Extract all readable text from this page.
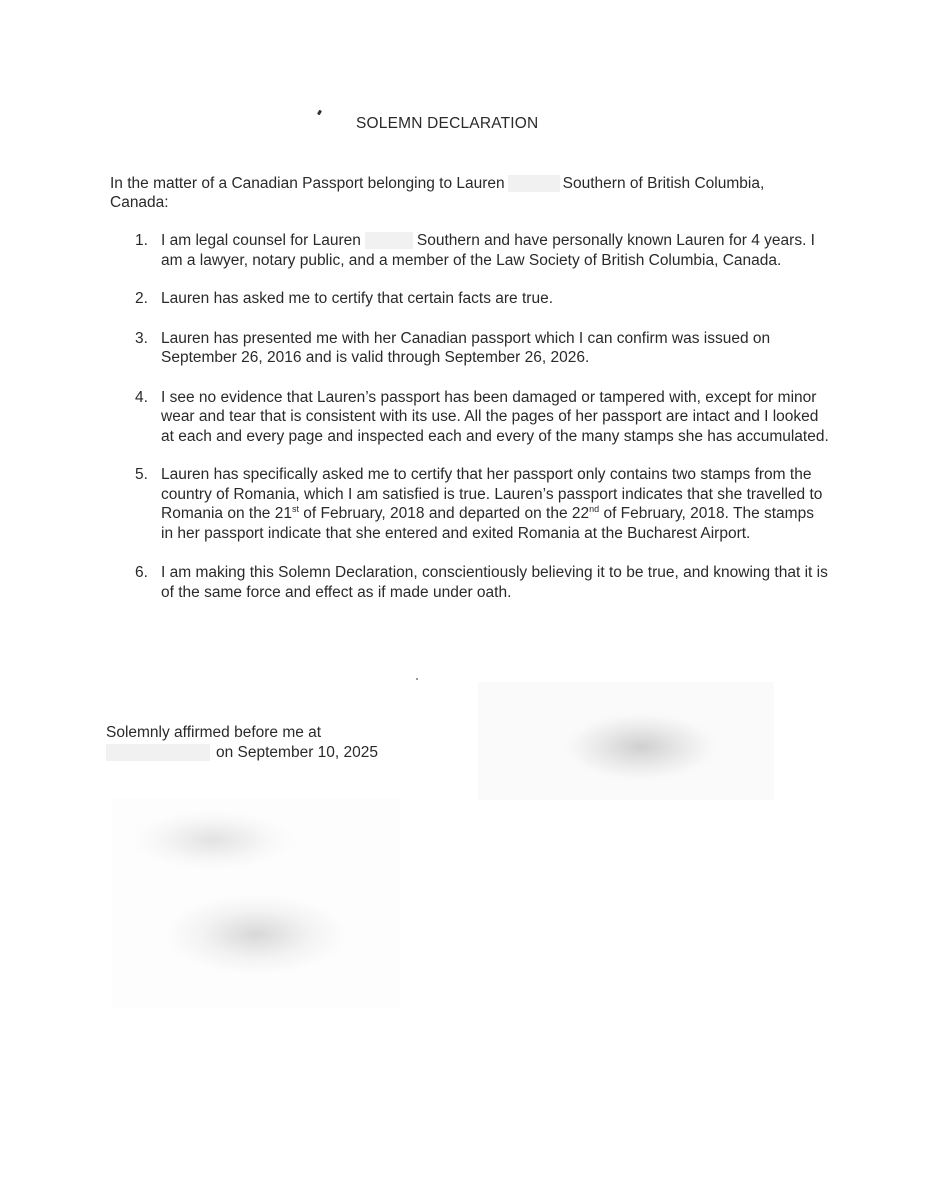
SOLEMN DECLARATION
In the matter of a Canadian Passport belonging to Lauren	Southern of British Columbia,
Canada:
1. I am legal counsel for Lauren	Southern and have personally known Lauren for 4 years. I am a lawyer, notary public, and a member of the Law Society of British Columbia, Canada.
2. Lauren has asked me to certify that certain facts are true.
3. Lauren has presented me with her Canadian passport which I can confirm was issued on September 26, 2016 and is valid through September 26, 2026.
4. I see no evidence that Lauren’s passport has been damaged or tampered with, except for minor wear and tear that is consistent with its use. All the pages of her passport are intact and I looked at each and every page and inspected each and every of the many stamps she has accumulated.
5. Lauren has specifically asked me to certify that her passport only contains two stamps from the country of Romania, which I am satisfied is true. Lauren’s passport indicates that she travelled to Romania on the 21st of February, 2018 and departed on the 22nd of February, 2018. The stamps in her passport indicate that she entered and exited Romania at the Bucharest Airport.
6. I am making this Solemn Declaration, conscientiously believing it to be true, and knowing that it is of the same force and effect as if made under oath.
Solemnly affirmed before me at
on September 10, 2025
